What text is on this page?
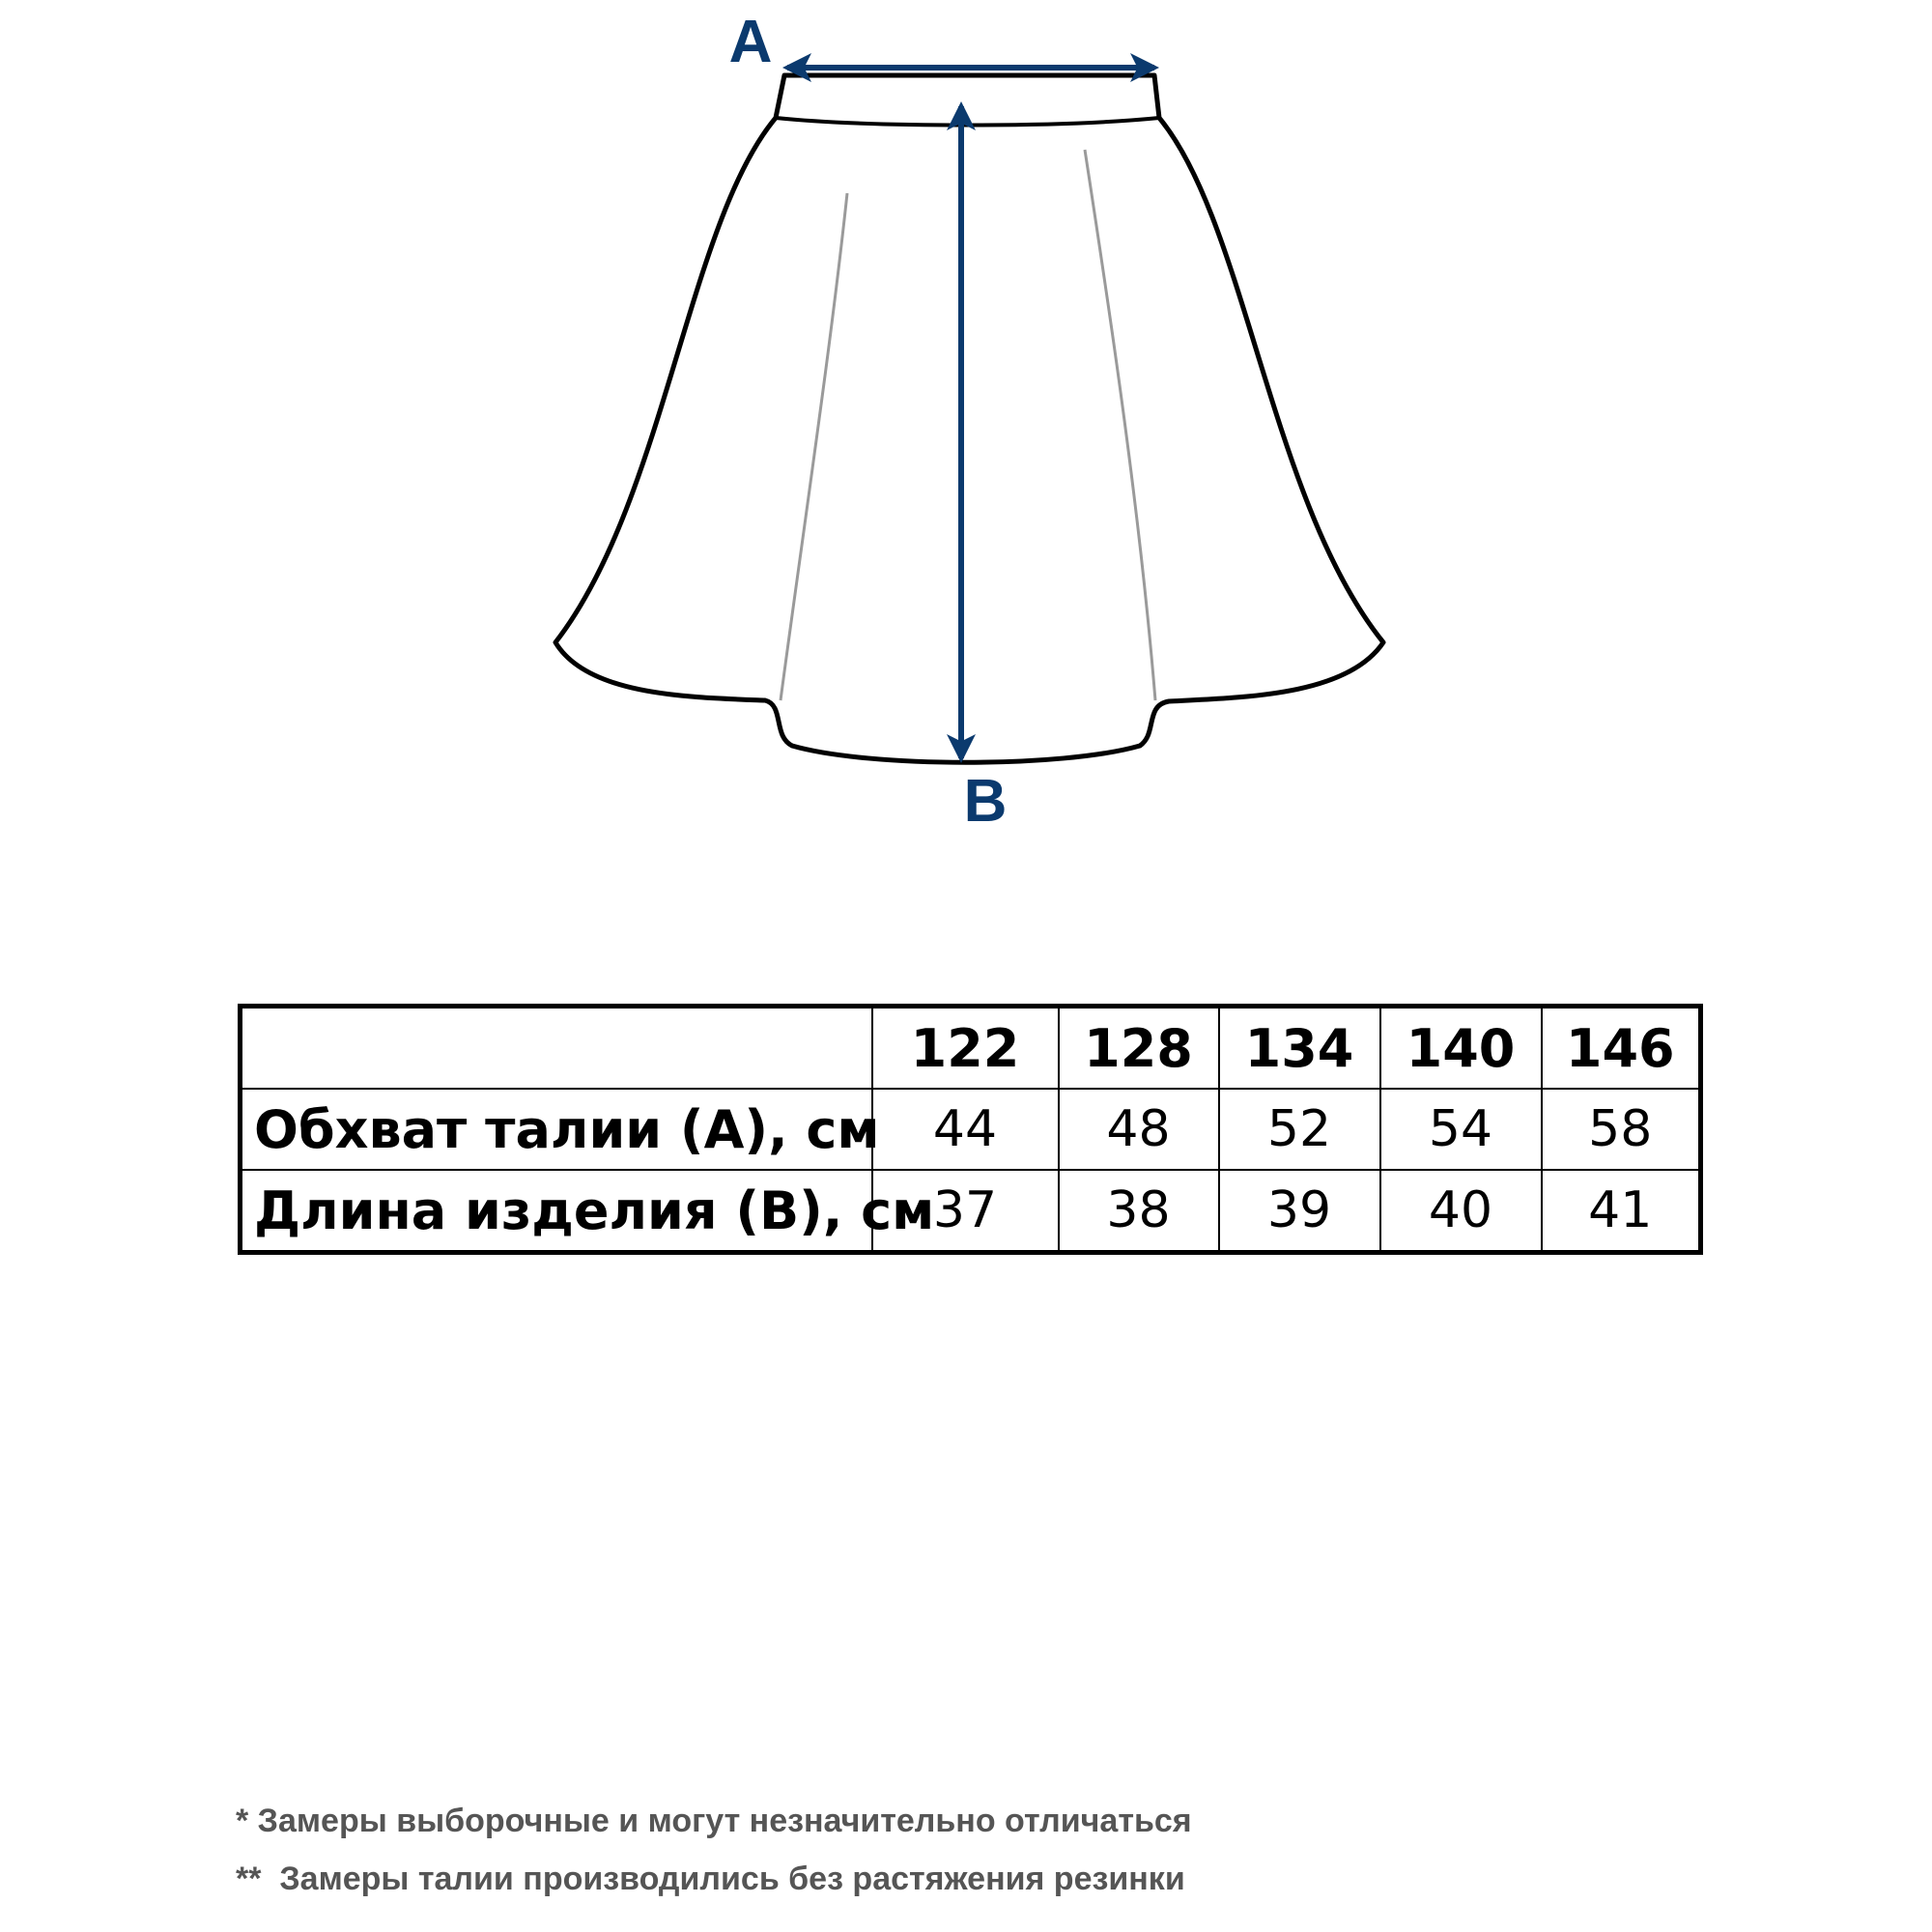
A
B
	122	128	134	140	146
Обхват талии (A), см	44	48	52	54	58
Длина изделия (B), см	37	38	39	40	41
* Замеры выборочные и могут незначительно отличаться
**  Замеры талии производились без растяжения резинки
